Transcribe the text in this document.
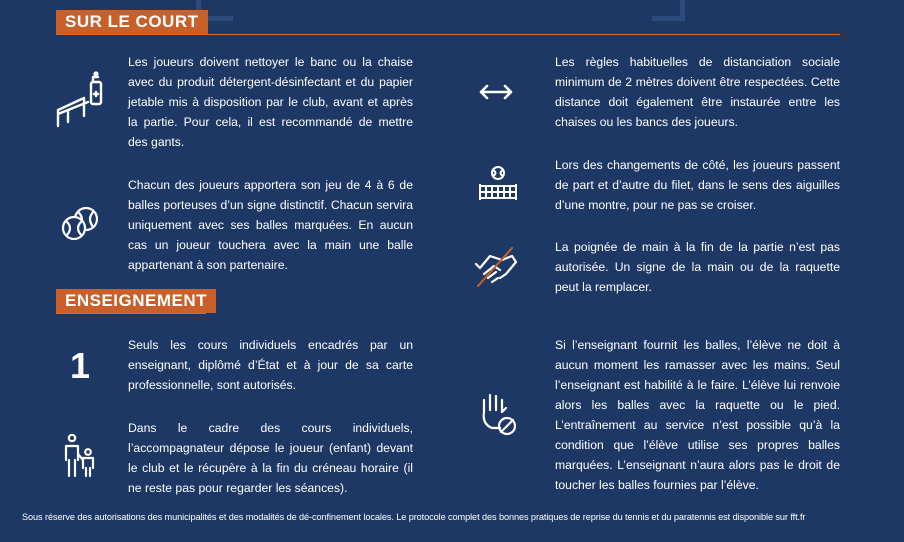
SUR LE COURT

Les joueurs doivent nettoyer le banc ou la chaise avec du produit détergent-désinfectant et du papier jetable mis à disposition par le club, avant et après la partie. Pour cela, il est recommandé de mettre des gants.

Chacun des joueurs apportera son jeu de 4 à 6 de balles porteuses d’un signe distinctif. Chacun servira uniquement avec ses balles marquées. En aucun cas un joueur touchera avec la main une balle appartenant à son partenaire.

Les règles habituelles de distanciation sociale minimum de 2 mètres doivent être respectées. Cette distance doit également être instaurée entre les chaises ou les bancs des joueurs.

Lors des changements de côté, les joueurs passent de part et d’autre du filet, dans le sens des aiguilles d’une montre, pour ne pas se croiser.

La poignée de main à la fin de la partie n’est pas autorisée. Un signe de la main ou de la raquette peut la remplacer.

ENSEIGNEMENT
1	Seuls les cours individuels encadrés par un enseignant, diplômé d’État et à jour de sa carte professionnelle, sont autorisés.

Dans le cadre des cours individuels, l’accompagnateur dépose le joueur (enfant) devant le club et le récupère à la fin du créneau horaire (il ne reste pas pour regarder les séances).

Si l’enseignant fournit les balles, l’élève ne doit à aucun moment les ramasser avec les mains. Seul l’enseignant est habilité à le faire. L’élève lui renvoie alors les balles avec la raquette ou le pied. L’entraînement au service n’est possible qu’à la condition que l’élève utilise ses propres balles marquées. L’enseignant n’aura alors pas le droit de toucher les balles fournies par l’élève.

Sous réserve des autorisations des municipalités et des modalités de dé-confinement locales. Le protocole complet des bonnes pratiques de reprise du tennis et du paratennis est disponible sur fft.fr
